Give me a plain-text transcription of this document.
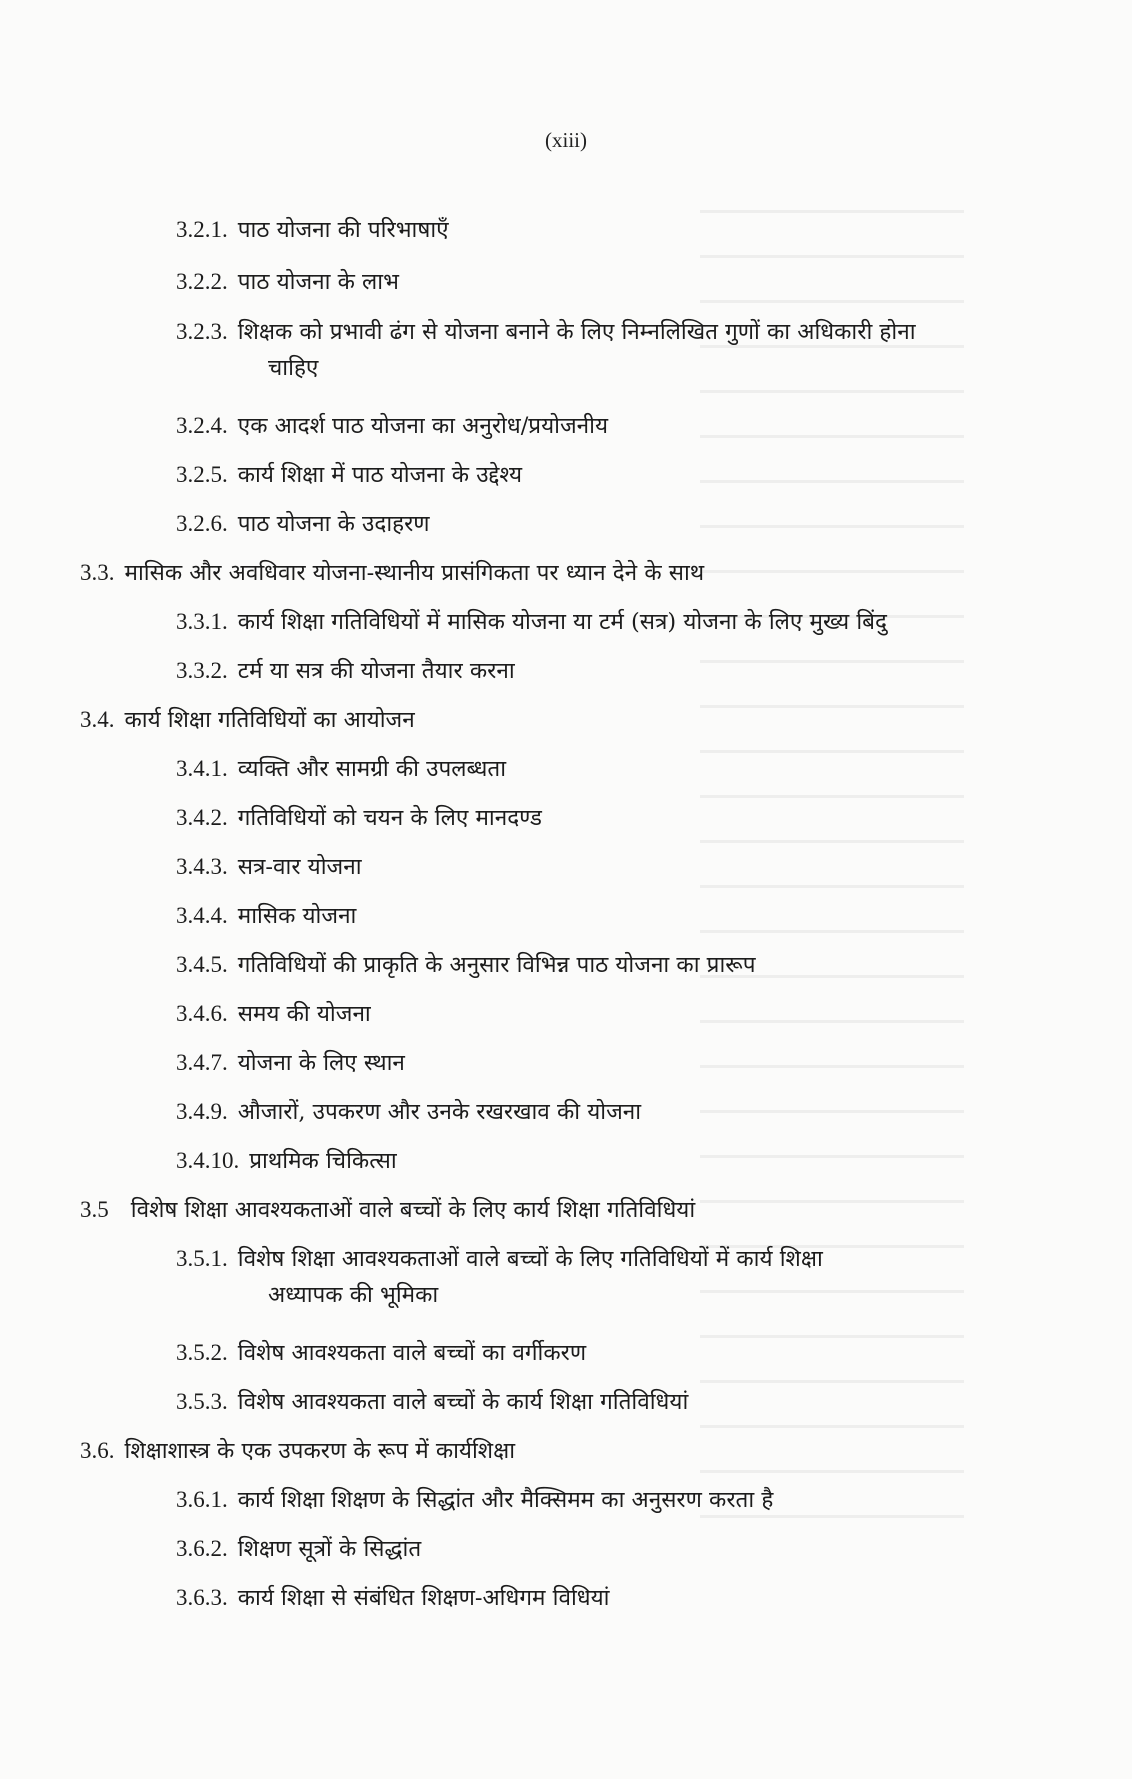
(xiii)
3.2.1. पाठ योजना की परिभाषाएँ
3.2.2. पाठ योजना के लाभ
3.2.3. शिक्षक को प्रभावी ढंग से योजना बनाने के लिए निम्नलिखित गुणों का अधिकारी होना
चाहिए
3.2.4. एक आदर्श पाठ योजना का अनुरोध/प्रयोजनीय
3.2.5. कार्य शिक्षा में पाठ योजना के उद्देश्य
3.2.6. पाठ योजना के उदाहरण
3.3. मासिक और अवधिवार योजना-स्थानीय प्रासंगिकता पर ध्यान देने के साथ
3.3.1. कार्य शिक्षा गतिविधियों में मासिक योजना या टर्म (सत्र) योजना के लिए मुख्य बिंदु
3.3.2. टर्म या सत्र की योजना तैयार करना
3.4. कार्य शिक्षा गतिविधियों का आयोजन
3.4.1. व्यक्ति और सामग्री की उपलब्धता
3.4.2. गतिविधियों को चयन के लिए मानदण्ड
3.4.3. सत्र-वार योजना
3.4.4. मासिक योजना
3.4.5. गतिविधियों की प्राकृति के अनुसार विभिन्न पाठ योजना का प्रारूप
3.4.6. समय की योजना
3.4.7. योजना के लिए स्थान
3.4.9. औजारों, उपकरण और उनके रखरखाव की योजना
3.4.10. प्राथमिक चिकित्सा
3.5 विशेष शिक्षा आवश्यकताओं वाले बच्चों के लिए कार्य शिक्षा गतिविधियां
3.5.1. विशेष शिक्षा आवश्यकताओं वाले बच्चों के लिए गतिविधियों में कार्य शिक्षा
अध्यापक की भूमिका
3.5.2. विशेष आवश्यकता वाले बच्चों का वर्गीकरण
3.5.3. विशेष आवश्यकता वाले बच्चों के कार्य शिक्षा गतिविधियां
3.6. शिक्षाशास्त्र के एक उपकरण के रूप में कार्यशिक्षा
3.6.1. कार्य शिक्षा शिक्षण के सिद्धांत और मैक्सिमम का अनुसरण करता है
3.6.2. शिक्षण सूत्रों के सिद्धांत
3.6.3. कार्य शिक्षा से संबंधित शिक्षण-अधिगम विधियां
